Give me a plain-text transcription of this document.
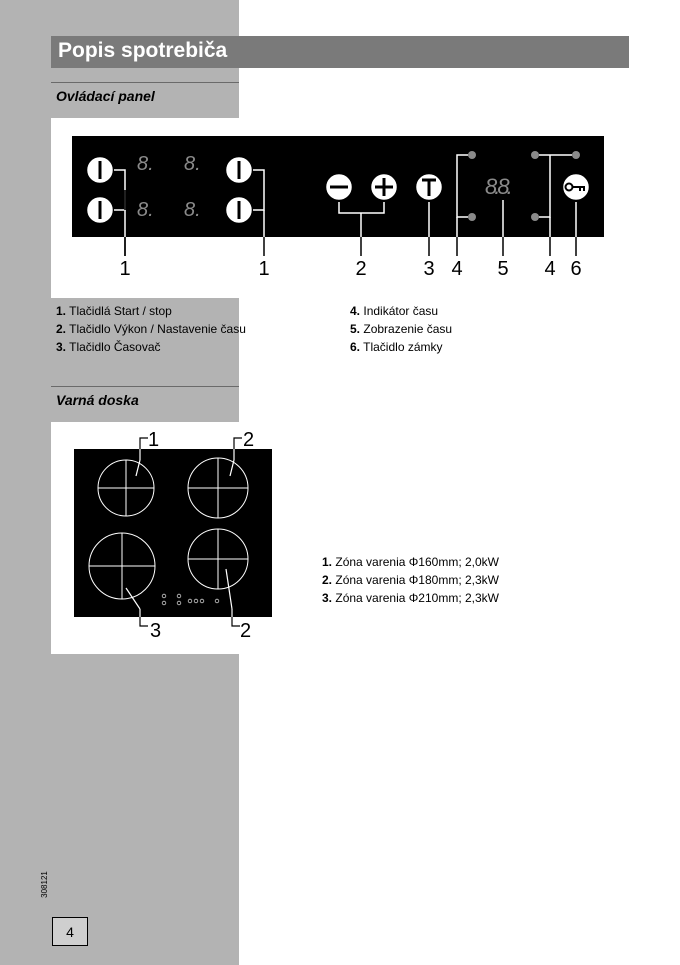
Popis spotrebiča
Ovládací panel
8. 8.
8. 8.
8.8.
1	1	2	3 4 5 4 6
1. Tlačidlá Start / stop
2. Tlačidlo Výkon / Nastavenie času
3. Tlačidlo Časovač
4. Indikátor času
5. Zobrazenie času
6. Tlačidlo zámky
Varná doska
1	2
3	2
1. Zóna varenia Φ160mm; 2,0kW
2. Zóna varenia Φ180mm; 2,3kW
3. Zóna varenia Φ210mm; 2,3kW
308121
4
